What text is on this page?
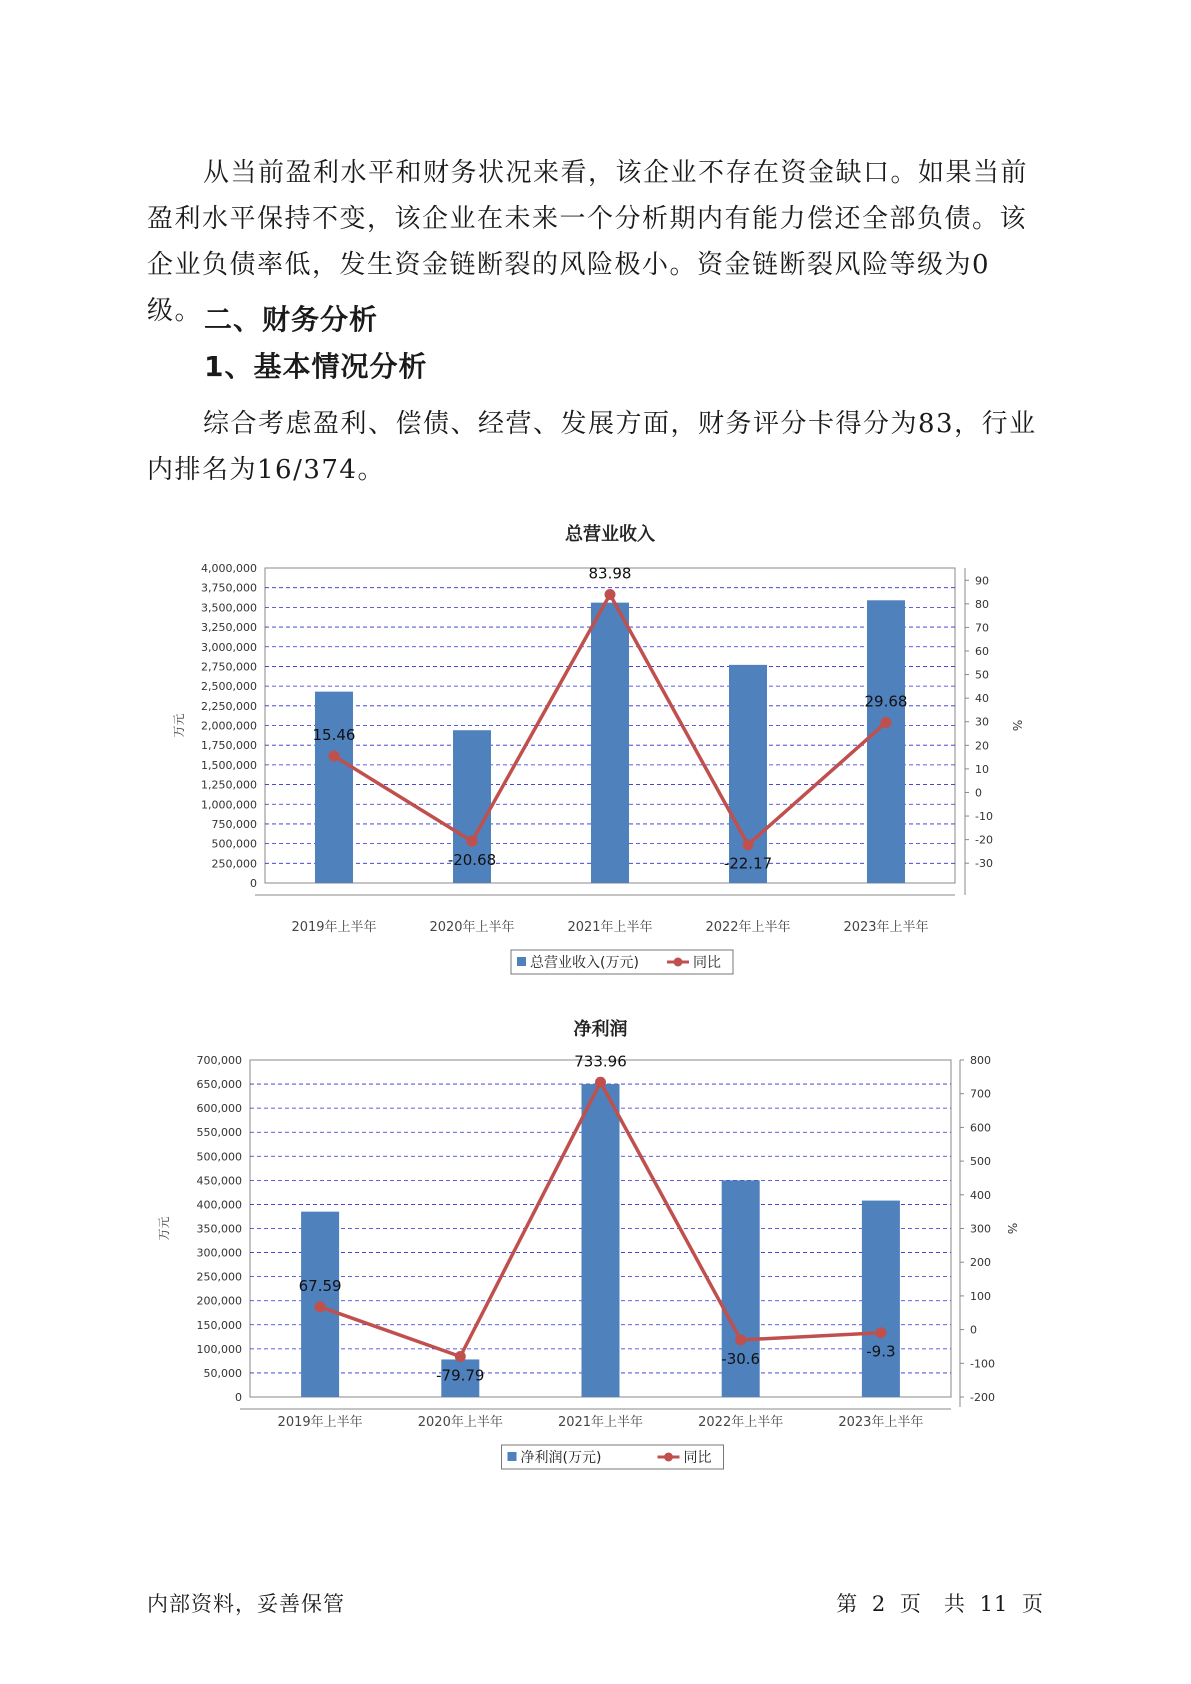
从当前盈利水平和财务状况来看，该企业不存在资金缺口。如果当前盈利水平保持不变，该企业在未来一个分析期内有能力偿还全部负债。该企业负债率低，发生资金链断裂的风险极小。资金链断裂风险等级为0级。 二、财务分析
1、基本情况分析

综合考虑盈利、偿债、经营、发展方面，财务评分卡得分为83，行业内排名为16/374。

总营业收入
0
250,000
500,000
750,000
1,000,000
1,250,000
1,500,000
1,750,000
2,000,000
2,250,000
2,500,000
2,750,000
3,000,000
3,250,000
3,500,000
3,750,000
4,000,000
万元
90
80
70
60
50
40
30
20
10
0
-10
-20
-30
%
2019年上半年	2020年上半年	2021年上半年	2022年上半年	2023年上半年
15.46
-20.68
83.98
-22.17
29.68
总营业收入(万元)	同比
净利润
0
50,000
100,000
150,000
200,000
250,000
300,000
350,000
400,000
450,000
500,000
550,000
600,000
650,000
700,000
万元
800
700
600
500
400
300
200
100
0
-100
-200
%
2019年上半年	2020年上半年	2021年上半年	2022年上半年	2023年上半年
67.59
-79.79
733.96
-30.6	-9.3
净利润(万元)	同比
内部资料，妥善保管	第 2 页　共 11 页
